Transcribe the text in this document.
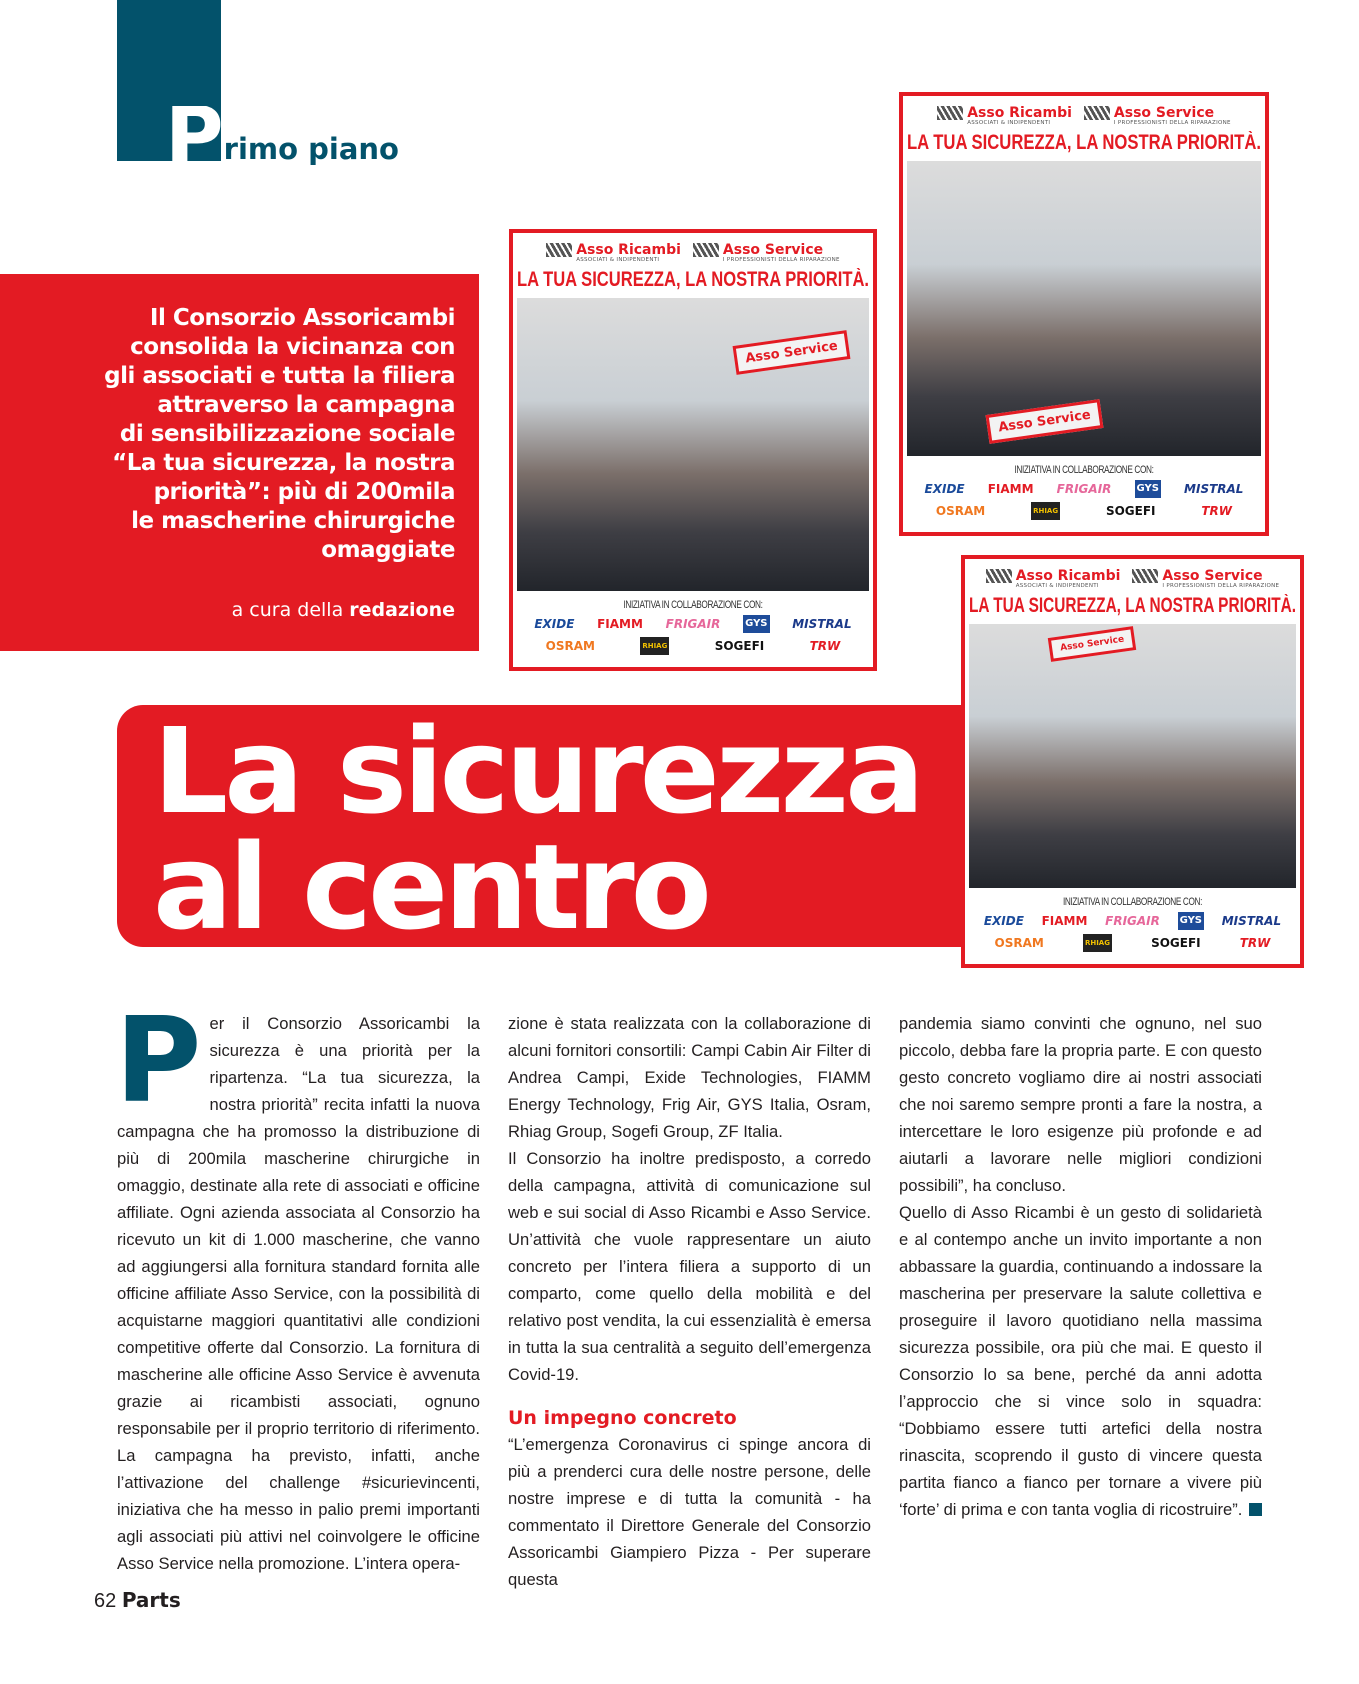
P rimo piano
Il Consorzio Assoricambi
consolida la vicinanza con
gli associati e tutta la filiera
attraverso la campagna
di sensibilizzazione sociale
“La tua sicurezza, la nostra
priorità”: più di 200mila
le mascherine chirurgiche
omaggiate
a cura della redazione
La sicurezza
al centro
Asso Ricambi
ASSOCIATI & INDIPENDENTI
Asso Service
I PROFESSIONISTI DELLA RIPARAZIONE
LA TUA SICUREZZA, LA NOSTRA PRIORITÀ.
Asso Service
INIZIATIVA IN COLLABORAZIONE CON:
EXIDE FIAMM FRIGAIR GYS MISTRAL
OSRAM	RHIAG	SOGEFI	TRW
Asso Ricambi
ASSOCIATI & INDIPENDENTI
Asso Service
I PROFESSIONISTI DELLA RIPARAZIONE
LA TUA SICUREZZA, LA NOSTRA PRIORITÀ.
Asso Service
INIZIATIVA IN COLLABORAZIONE CON:
EXIDE FIAMM FRIGAIR	GYS MISTRAL
OSRAM	RHIAG	SOGEFI	TRW
Asso Ricambi
ASSOCIATI & INDIPENDENTI
Asso Service
I PROFESSIONISTI DELLA RIPARAZIONE
LA TUA SICUREZZA, LA NOSTRA PRIORITÀ.
Asso Service
INIZIATIVA IN COLLABORAZIONE CON:
EXIDE FIAMM FRIGAIR GYS MISTRAL
OSRAM	RHIAG	SOGEFI	TRW
P er il Consorzio Assoricambi la sicurezza è una priorità per la ripartenza. “La tua sicurezza, la nostra priorità” recita infatti la nuova campagna che ha promosso la distribuzione di più di 200mila mascherine chirurgiche in omaggio, destinate alla rete di associati e officine affiliate. Ogni azienda associata al Consorzio ha ricevuto un kit di 1.000 mascherine, che vanno ad aggiungersi alla fornitura standard fornita alle officine affiliate Asso Service, con la possibilità di acquistarne maggiori quantitativi alle condizioni competitive offerte dal Consorzio. La fornitura di mascherine alle officine Asso Service è avvenuta grazie ai ricambisti associati, ognuno responsabile per il proprio territorio di riferimento. La campagna ha previsto, infatti, anche l’attivazione del challenge #sicurievincenti, iniziativa che ha messo in palio premi importanti agli associati più attivi nel coinvolgere le officine Asso Service nella promozione. L’intera opera-

zione è stata realizzata con la collaborazione di alcuni fornitori consortili: Campi Cabin Air Filter di Andrea Campi, Exide Technologies, FIAMM Energy Technology, Frig Air, GYS Italia, Osram, Rhiag Group, Sogefi Group, ZF Italia.

Il Consorzio ha inoltre predisposto, a corredo della campagna, attività di comunicazione sul web e sui social di Asso Ricambi e Asso Service. Un’attività che vuole rappresentare un aiuto concreto per l’intera filiera a supporto di un comparto, come quello della mobilità e del relativo post vendita, la cui essenzialità è emersa in tutta la sua centralità a seguito dell’emergenza Covid-19.

Un impegno concreto

“L’emergenza Coronavirus ci spinge ancora di più a prenderci cura delle nostre persone, delle nostre imprese e di tutta la comunità - ha commentato il Direttore Generale del Consorzio Assoricambi Giampiero Pizza - Per superare questa

pandemia siamo convinti che ognuno, nel suo piccolo, debba fare la propria parte. E con questo gesto concreto vogliamo dire ai nostri associati che noi saremo sempre pronti a fare la nostra, a intercettare le loro esigenze più profonde e ad aiutarli a lavorare nelle migliori condizioni possibili”, ha concluso.

Quello di Asso Ricambi è un gesto di solidarietà e al contempo anche un invito importante a non abbassare la guardia, continuando a indossare la mascherina per preservare la salute collettiva e proseguire il lavoro quotidiano nella massima sicurezza possibile, ora più che mai. E questo il Consorzio lo sa bene, perché da anni adotta l’approccio che si vince solo in squadra: “Dobbiamo essere tutti artefici della nostra rinascita, scoprendo il gusto di vincere questa partita fianco a fianco per tornare a vivere più ‘forte’ di prima e con tanta voglia di ricostruire”.

62 Parts
